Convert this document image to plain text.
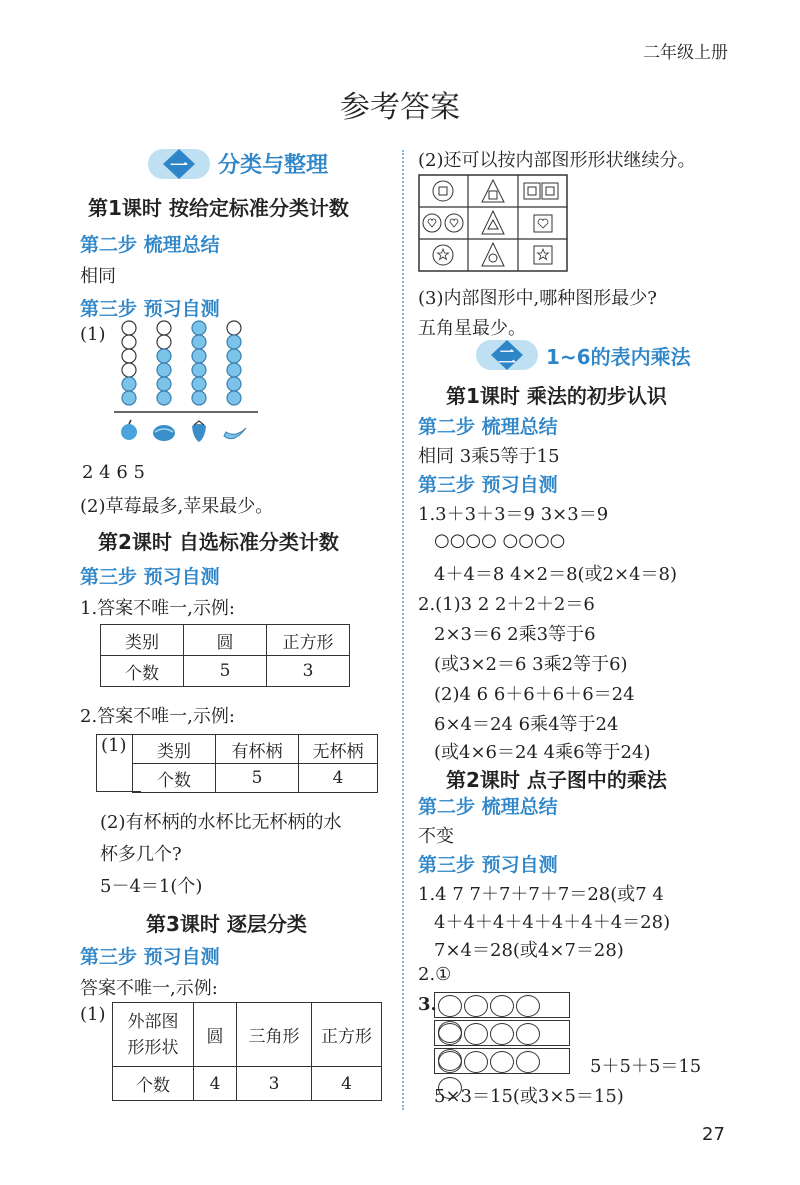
二年级上册
参考答案
一	分类与整理
第1课时 按给定标准分类计数
第二步 梳理总结
相同
第三步 预习自测
(1)
2 4 6 5
(2)草莓最多,苹果最少。
第2课时 自选标准分类计数
第三步 预习自测
1.答案不唯一,示例:
类别	圆	正方形
个数	5	3
2.答案不唯一,示例:
(1)	类别	有杯柄	无杯柄
个数	5	4
(2)有杯柄的水杯比无杯柄的水
杯多几个?
5－4＝1(个)
第3课时 逐层分类
第三步 预习自测
答案不唯一,示例:
(1) 外部图
形形状	圆	三角形	正方形
个数	4	3	4
(2)还可以按内部图形形状继续分。
(3)内部图形中,哪种图形最少?
五角星最少。
二	1~6的表内乘法
第1课时 乘法的初步认识
第二步 梳理总结
相同 3乘5等于15
第三步 预习自测
1.3＋3＋3＝9 3×3＝9
○○○○ ○○○○
4＋4＝8 4×2＝8(或2×4＝8)
2.(1)3 2 2＋2＋2＝6
2×3＝6 2乘3等于6
(或3×2＝6 3乘2等于6)
(2)4 6 6＋6＋6＋6＝24
6×4＝24 6乘4等于24
(或4×6＝24 4乘6等于24)
第2课时 点子图中的乘法
第二步 梳理总结
不变
第三步 预习自测
1.4 7 7＋7＋7＋7＝28(或7 4
4＋4＋4＋4＋4＋4＋4＝28)
7×4＝28(或4×7＝28)
2.①
3.
5＋5＋5＝15
5×3＝15(或3×5＝15)
27
